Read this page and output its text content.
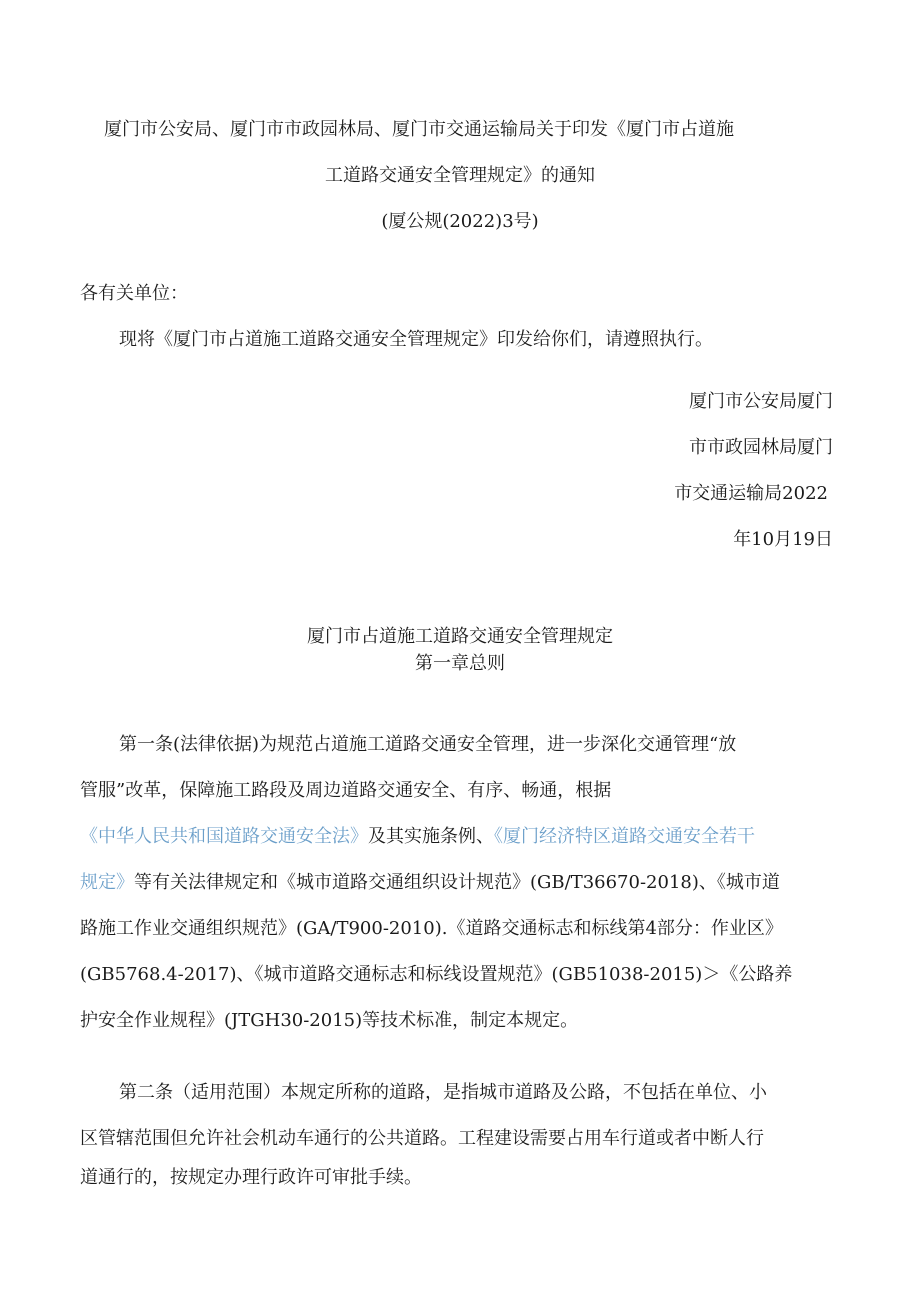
厦门市公安局、厦门市市政园林局、厦门市交通运输局关于印发《厦门市占道施
工道路交通安全管理规定》的通知
(厦公规(2022)3号)
各有关单位：
现将《厦门市占道施工道路交通安全管理规定》印发给你们，请遵照执行。
厦门市公安局厦门
市市政园林局厦门
市交通运输局2022
年10月19日
厦门市占道施工道路交通安全管理规定
第一章总则
第一条(法律依据)为规范占道施工道路交通安全管理，进一步深化交通管理“放
管服”改革，保障施工路段及周边道路交通安全、有序、畅通，根据
《中华人民共和国道路交通安全法》及其实施条例、《厦门经济特区道路交通安全若干
规定》等有关法律规定和《城市道路交通组织设计规范》(GB/T36670-2018)、《城市道
路施工作业交通组织规范》(GA/T900-2010).《道路交通标志和标线第4部分：作业区》
(GB5768.4-2017)、《城市道路交通标志和标线设置规范》(GB51038-2015)＞《公路养
护安全作业规程》(JTGH30-2015)等技术标准，制定本规定。
第二条（适用范围）本规定所称的道路，是指城市道路及公路，不包括在单位、小
区管辖范围但允许社会机动车通行的公共道路。工程建设需要占用车行道或者中断人行
道通行的，按规定办理行政许可审批手续。
